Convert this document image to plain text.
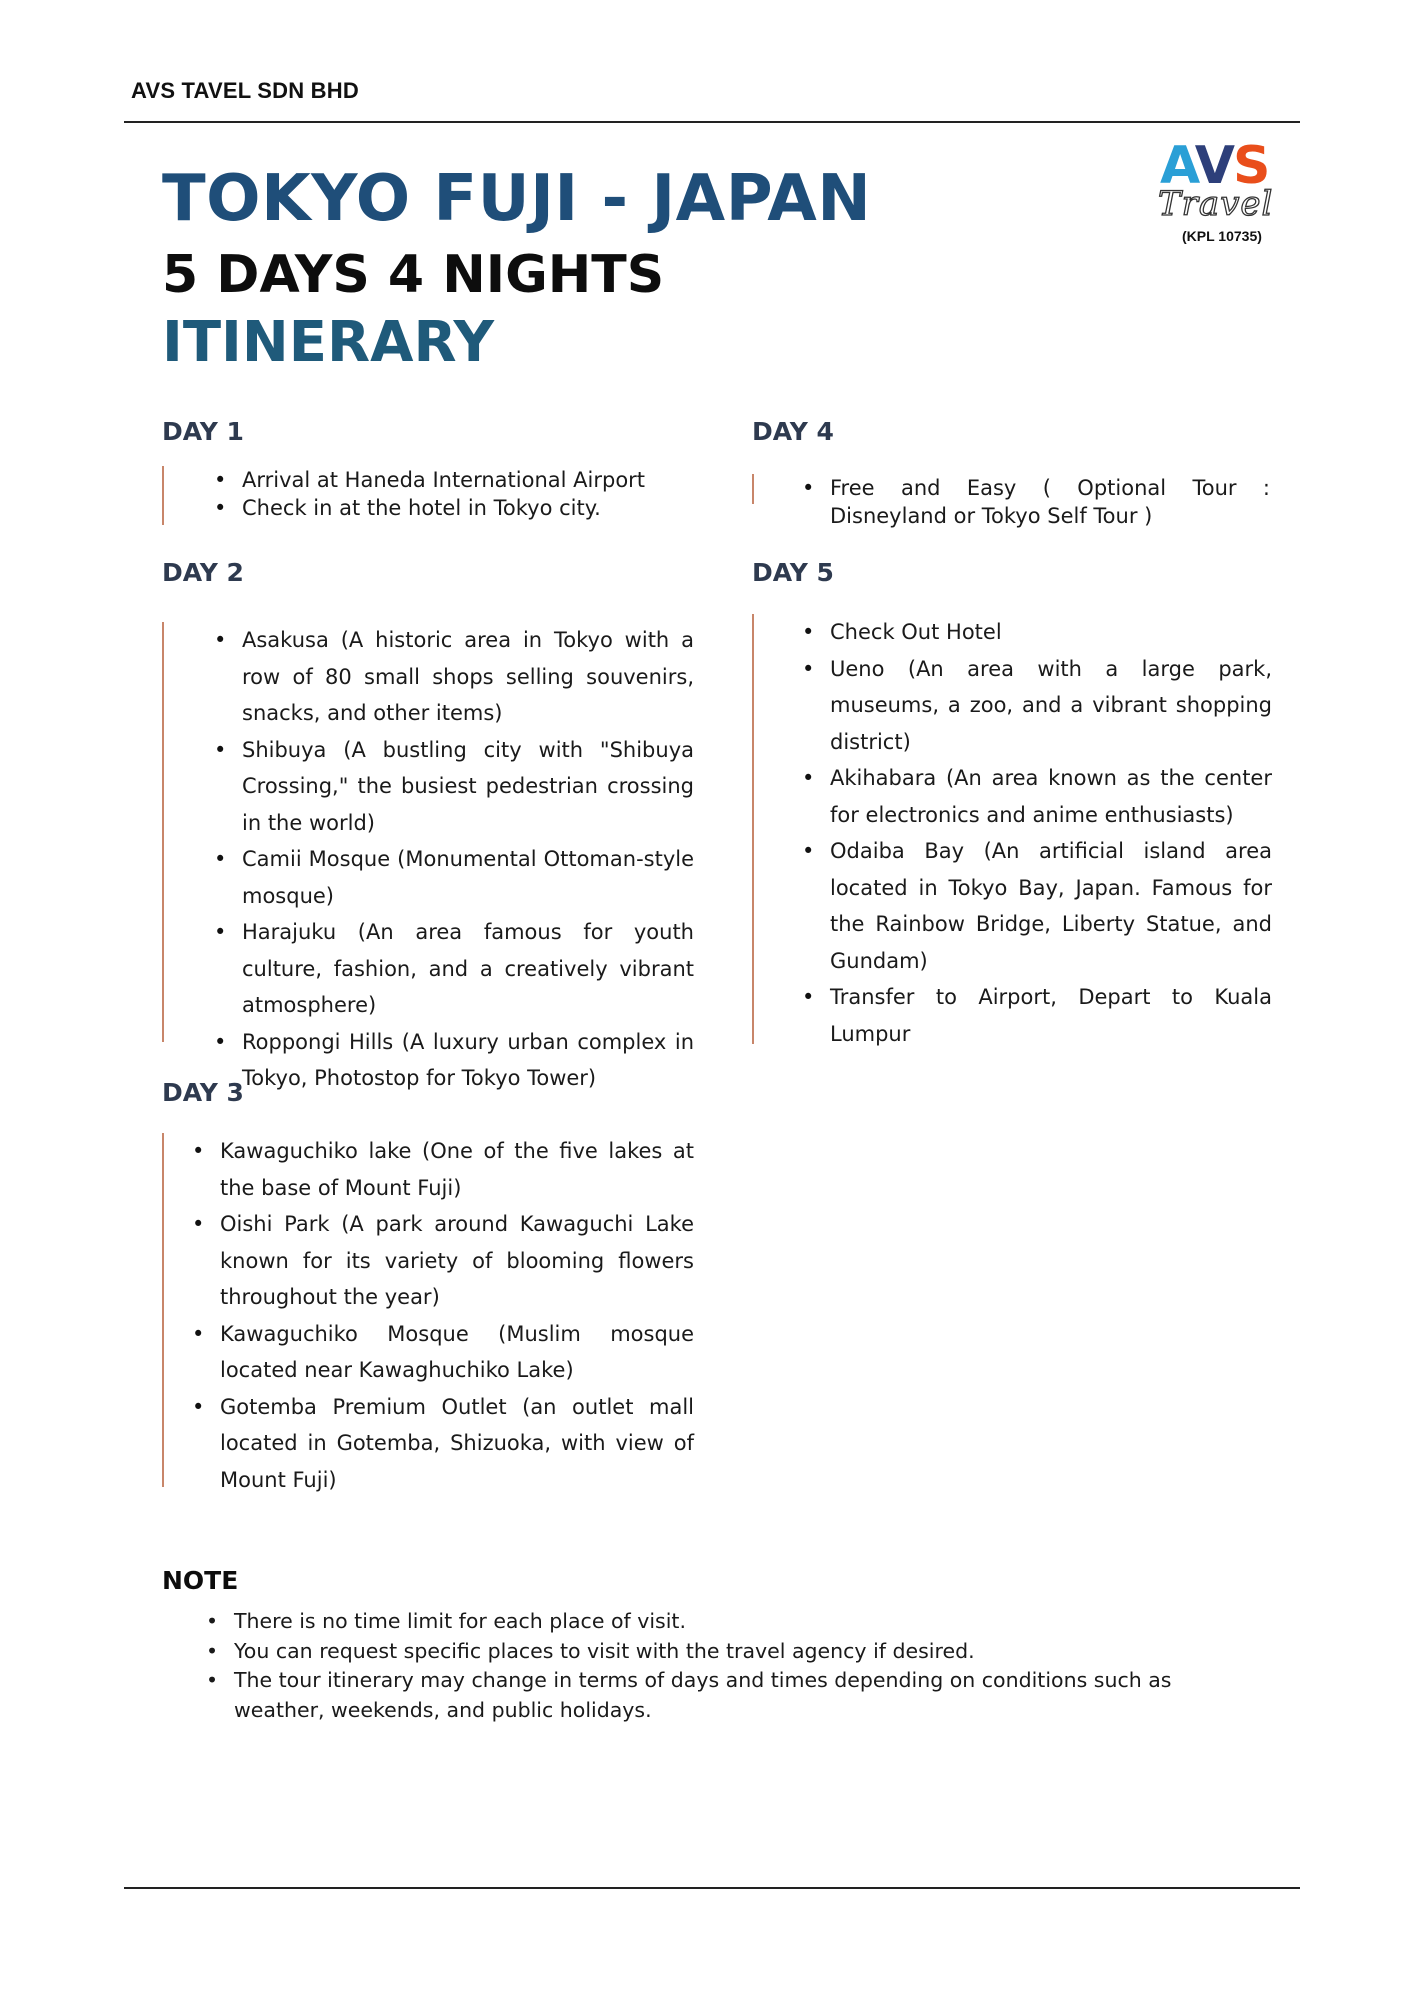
AVS TAVEL SDN BHD
TOKYO FUJI - JAPAN
5 DAYS 4 NIGHTS
ITINERARY
AVS
Travel
(KPL 10735)
DAY 1
• Arrival at Haneda International Airport
• Check in at the hotel in Tokyo city.
DAY 2
• Asakusa (A historic area in Tokyo with a row of 80 small shops selling souvenirs, snacks, and other items)
• Shibuya (A bustling city with "Shibuya Crossing," the busiest pedestrian crossing in the world)
• Camii Mosque (Monumental Ottoman-style mosque)
• Harajuku (An area famous for youth culture, fashion, and a creatively vibrant atmosphere)
• Roppongi Hills (A luxury urban complex in Tokyo, Photostop for Tokyo Tower)
DAY 3
• Kawaguchiko lake (One of the five lakes at the base of Mount Fuji)
• Oishi Park (A park around Kawaguchi Lake known for its variety of blooming flowers throughout the year)
• Kawaguchiko Mosque (Muslim mosque located near Kawaghuchiko Lake)
• Gotemba Premium Outlet (an outlet mall located in Gotemba, Shizuoka, with view of Mount Fuji)
DAY 4
• Free and Easy ( Optional Tour : Disneyland or Tokyo Self Tour )
DAY 5
• Check Out Hotel
• Ueno (An area with a large park, museums, a zoo, and a vibrant shopping district)
• Akihabara (An area known as the center for electronics and anime enthusiasts)
• Odaiba Bay (An artificial island area located in Tokyo Bay, Japan. Famous for the Rainbow Bridge, Liberty Statue, and Gundam)
• Transfer to Airport, Depart to Kuala Lumpur
NOTE
• There is no time limit for each place of visit.
• You can request specific places to visit with the travel agency if desired.
• The tour itinerary may change in terms of days and times depending on conditions such as weather, weekends, and public holidays.
